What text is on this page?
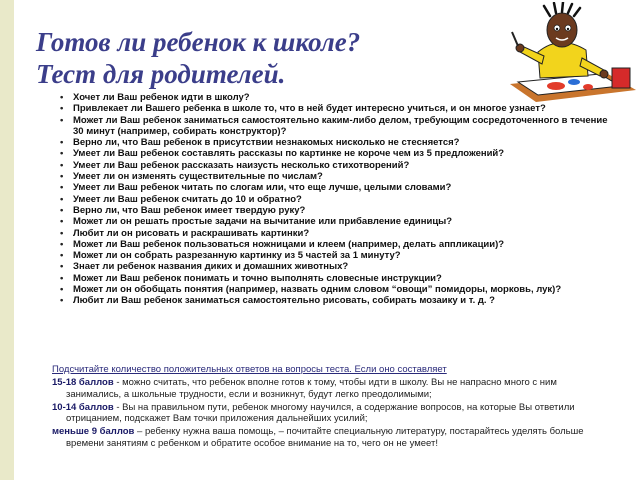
Готов ли ребенок к школе?
Тест для родителей.
• Хочет ли Ваш ребенок идти в школу?
• Привлекает ли Вашего ребенка в школе то, что в ней будет интересно учиться, и он многое узнает?
• Может ли Ваш ребенок заниматься самостоятельно каким-либо делом, требующим сосредоточенного в течение 30 минут (например, собирать конструктор)?
• Верно ли, что Ваш ребенок в присутствии незнакомых нисколько не стесняется?
• Умеет ли Ваш ребенок составлять рассказы по картинке не короче чем из 5 предложений?
• Умеет ли Ваш ребенок рассказать наизусть несколько стихотворений?
• Умеет ли он изменять существительные по числам?
• Умеет ли Ваш ребенок читать по слогам или, что еще лучше, целыми словами?
• Умеет ли Ваш ребенок считать до 10 и обратно?
• Верно ли, что Ваш ребенок имеет твердую руку?
• Может ли он решать простые задачи на вычитание или прибавление единицы?
• Любит ли он рисовать и раскрашивать картинки?
• Может ли Ваш ребенок пользоваться ножницами и клеем (например, делать аппликации)?
• Может ли он собрать разрезанную картинку из 5 частей за 1 минуту?
• Знает ли ребенок названия диких и домашних животных?
• Может ли Ваш ребенок понимать и точно выполнять словесные инструкции?
• Может ли он обобщать понятия (например, назвать одним словом “овощи” помидоры, морковь, лук)?
• Любит ли Ваш ребенок заниматься самостоятельно рисовать, собирать мозаику и т. д. ?
Подсчитайте количество положительных ответов на вопросы теста. Если оно составляет

15-18 баллов - можно считать, что ребенок вполне готов к тому, чтобы идти в школу. Вы не напрасно много с ним занимались, а школьные трудности, если и возникнут, будут легко преодолимыми;

10-14 баллов - Вы на правильном пути, ребенок многому научился, а содержание вопросов, на которые Вы ответили отрицанием, подскажет Вам точки приложения дальнейших усилий;

меньше 9 баллов – ребенку нужна ваша помощь, – почитайте специальную литературу, постарайтесь уделять больше времени занятиям с ребенком и обратите особое внимание на то, чего он не умеет!
